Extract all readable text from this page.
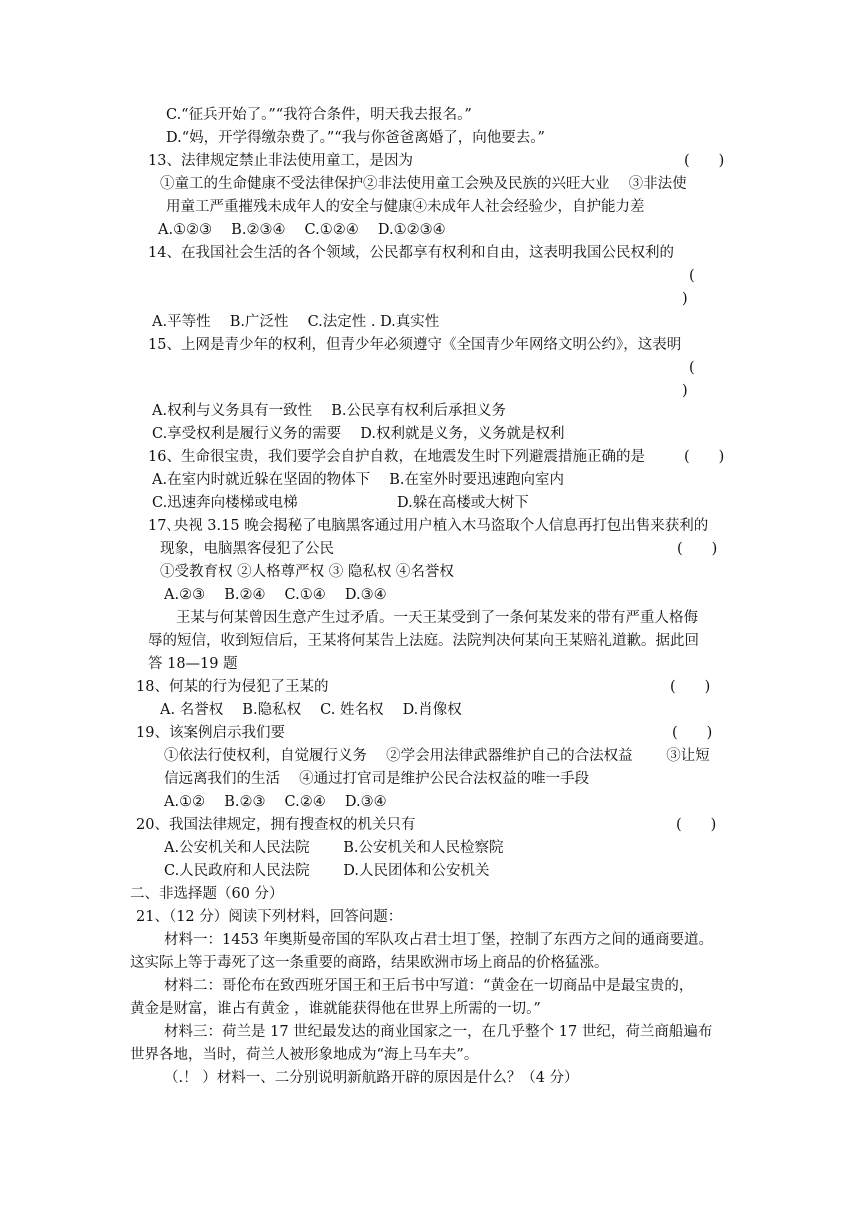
C.“征兵开始了。”“我符合条件，明天我去报名。”
D.“妈，开学得缴杂费了。”“我与你爸爸离婚了，向他要去。”
13、法律规定禁止非法使用童工，是因为	(　　)
①童工的生命健康不受法律保护②非法使用童工会殃及民族的兴旺大业　 ③非法使
用童工严重摧残未成年人的安全与健康④未成年人社会经验少，自护能力差
A.①②③　 B.②③④　 C.①②④　 D.①②③④
14、在我国社会生活的各个领域，公民都享有权利和自由，这表明我国公民权利的
(
)
A.平等性　 B.广泛性　 C.法定性 . D.真实性
15、上网是青少年的权利，但青少年必须遵守《全国青少年网络文明公约》，这表明
(
)
A.权利与义务具有一致性　 B.公民享有权利后承担义务
C.享受权利是履行义务的需要　 D.权利就是义务，义务就是权利
16、生命很宝贵，我们要学会自护自救，在地震发生时下列避震措施正确的是	(　　)
A.在室内时就近躲在坚固的物体下　 B.在室外时要迅速跑向室内
C.迅速奔向楼梯或电梯	D.躲在高楼或大树下
17､央视 3.15 晚会揭秘了电脑黑客通过用户植入木马盗取个人信息再打包出售来获利的
现象，电脑黑客侵犯了公民	(　　)
①受教育权 ②人格尊严权 ③ 隐私权 ④名誉权
A.②③　 B.②④　 C.①④　 D.③④
王某与何某曾因生意产生过矛盾。一天王某受到了一条何某发来的带有严重人格侮
辱的短信，收到短信后，王某将何某告上法庭。法院判决何某向王某赔礼道歉。据此回
答 18—19 题
18、何某的行为侵犯了王某的	(　　)
A. 名誉权　 B.隐私权　 C. 姓名权　 D.肖像权
19、该案例启示我们要	(　　)
①依法行使权利，自觉履行义务　 ②学会用法律武器维护自己的合法权益　　 ③让短
信远离我们的生活　 ④通过打官司是维护公民合法权益的唯一手段
A.①②　 B.②③　 C.②④　 D.③④
20、我国法律规定，拥有搜查权的机关只有	(　　)
A.公安机关和人民法院　　 B.公安机关和人民检察院
C.人民政府和人民法院　　 D.人民团体和公安机关
二、非选择题（60 分）
21、（12 分）阅读下列材料，回答问题：
材料一：1453 年奥斯曼帝国的军队攻占君士坦丁堡，控制了东西方之间的通商要道。
这实际上等于毒死了这一条重要的商路，结果欧洲市场上商品的价格猛涨。
材料二：哥伦布在致西班牙国王和王后书中写道：“黄金在一切商品中是最宝贵的，
黄金是财富，谁占有黄金 ，谁就能获得他在世界上所需的一切。”
材料三：荷兰是 17 世纪最发达的商业国家之一，在几乎整个 17 世纪，荷兰商船遍布
世界各地，当时，荷兰人被形象地成为“海上马车夫”。
（.！ ）材料一、二分别说明新航路开辟的原因是什么？（4 分）
